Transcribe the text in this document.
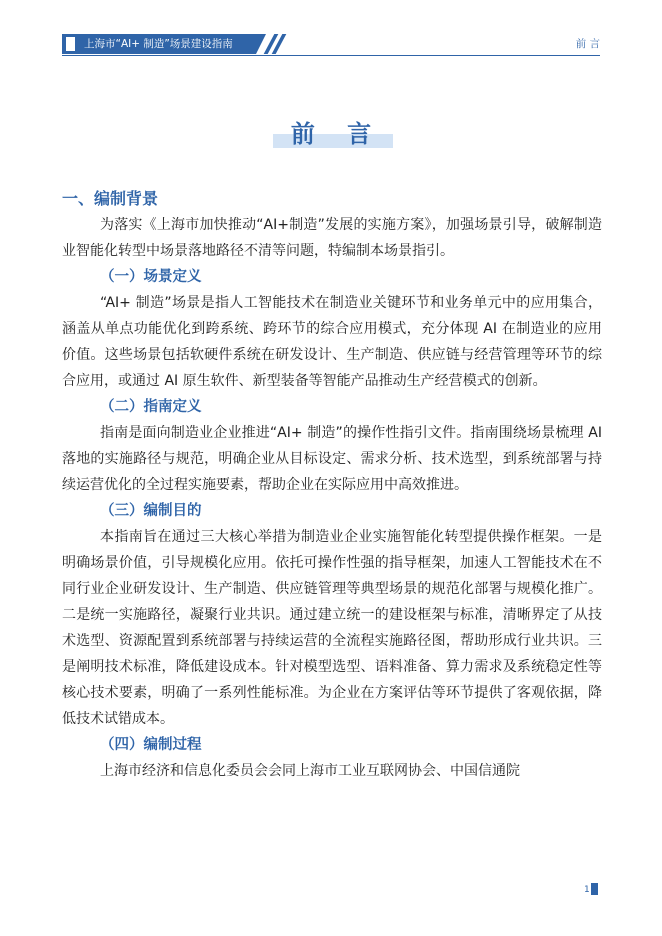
上海市“AI+ 制造”场景建设指南	前 言
前 言
一、编制背景

为落实《上海市加快推动“AI+制造”发展的实施方案》，加强场景引导，破解制造业智能化转型中场景落地路径不清等问题，特编制本场景指引。

（一）场景定义

“AI+ 制造”场景是指人工智能技术在制造业关键环节和业务单元中的应用集合，涵盖从单点功能优化到跨系统、跨环节的综合应用模式，充分体现 AI 在制造业的应用价值。这些场景包括软硬件系统在研发设计、生产制造、供应链与经营管理等环节的综合应用，或通过 AI 原生软件、新型装备等智能产品推动生产经营模式的创新。

（二）指南定义

指南是面向制造业企业推进“AI+ 制造”的操作性指引文件。指南围绕场景梳理 AI 落地的实施路径与规范，明确企业从目标设定、需求分析、技术选型，到系统部署与持续运营优化的全过程实施要素，帮助企业在实际应用中高效推进。

（三）编制目的

本指南旨在通过三大核心举措为制造业企业实施智能化转型提供操作框架。一是明确场景价值，引导规模化应用。依托可操作性强的指导框架，加速人工智能技术在不同行业企业研发设计、生产制造、供应链管理等典型场景的规范化部署与规模化推广。二是统一实施路径，凝聚行业共识。通过建立统一的建设框架与标准，清晰界定了从技术选型、资源配置到系统部署与持续运营的全流程实施路径图，帮助形成行业共识。三是阐明技术标准，降低建设成本。针对模型选型、语料准备、算力需求及系统稳定性等核心技术要素，明确了一系列性能标准。为企业在方案评估等环节提供了客观依据，降低技术试错成本。

（四）编制过程

上海市经济和信息化委员会会同上海市工业互联网协会、中国信通院

1
